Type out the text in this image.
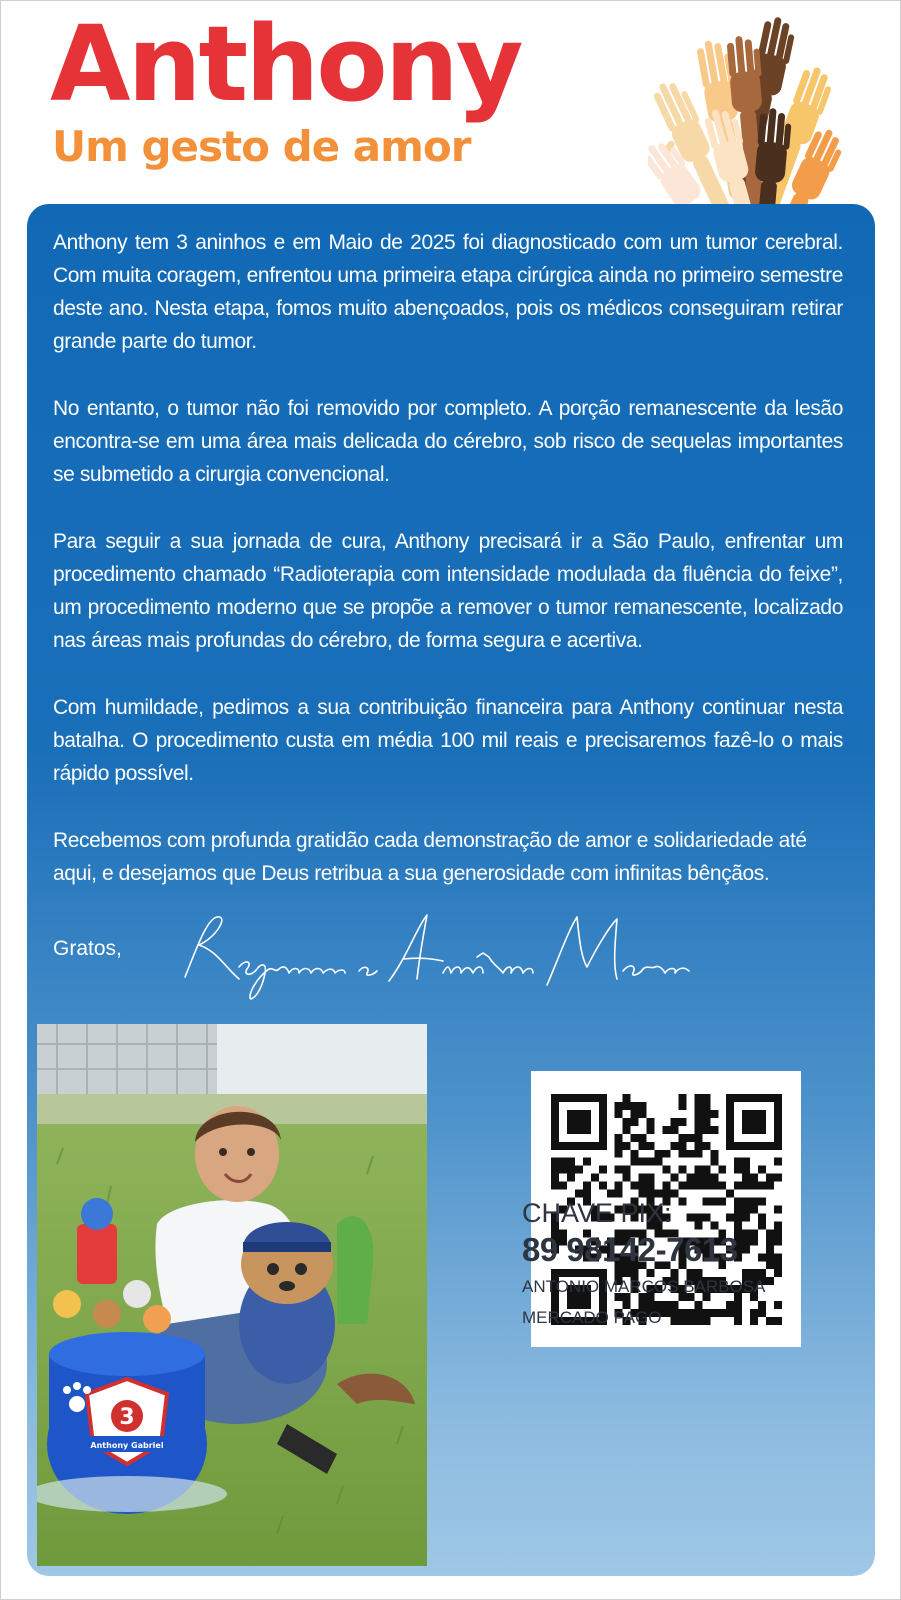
Anthony
Um gesto de amor

Anthony tem 3 aninhos e em Maio de 2025 foi diagnosticado com um tumor cerebral. Com muita coragem, enfrentou uma primeira etapa cirúrgica ainda no primeiro semestre deste ano. Nesta etapa, fomos muito abençoados, pois os médicos conseguiram retirar grande parte do tumor.

No entanto, o tumor não foi removido por completo. A porção remanescente da lesão encontra-se em uma área mais delicada do cérebro, sob risco de sequelas importantes se submetido a cirurgia convencional.

Para seguir a sua jornada de cura, Anthony precisará ir a São Paulo, enfrentar um procedimento chamado “Radioterapia com intensidade modulada da fluência do feixe”, um procedimento moderno que se propõe a remover o tumor remanescente, localizado nas áreas mais profundas do cérebro, de forma segura e acertiva.

Com humildade, pedimos a sua contribuição financeira para Anthony continuar nesta batalha. O procedimento custa em média 100 mil reais e precisaremos fazê-lo o mais rápido possível.

Recebemos com profunda gratidão cada demonstração de amor e solidariedade até aqui, e desejamos que Deus retribua a sua generosidade com infinitas bênçãos.

Gratos,
3
Anthony Gabriel
CHAVE PIX:
89 98142-7613
ANTONIO MARCOS BARBOSA
MERCADO PAGO
